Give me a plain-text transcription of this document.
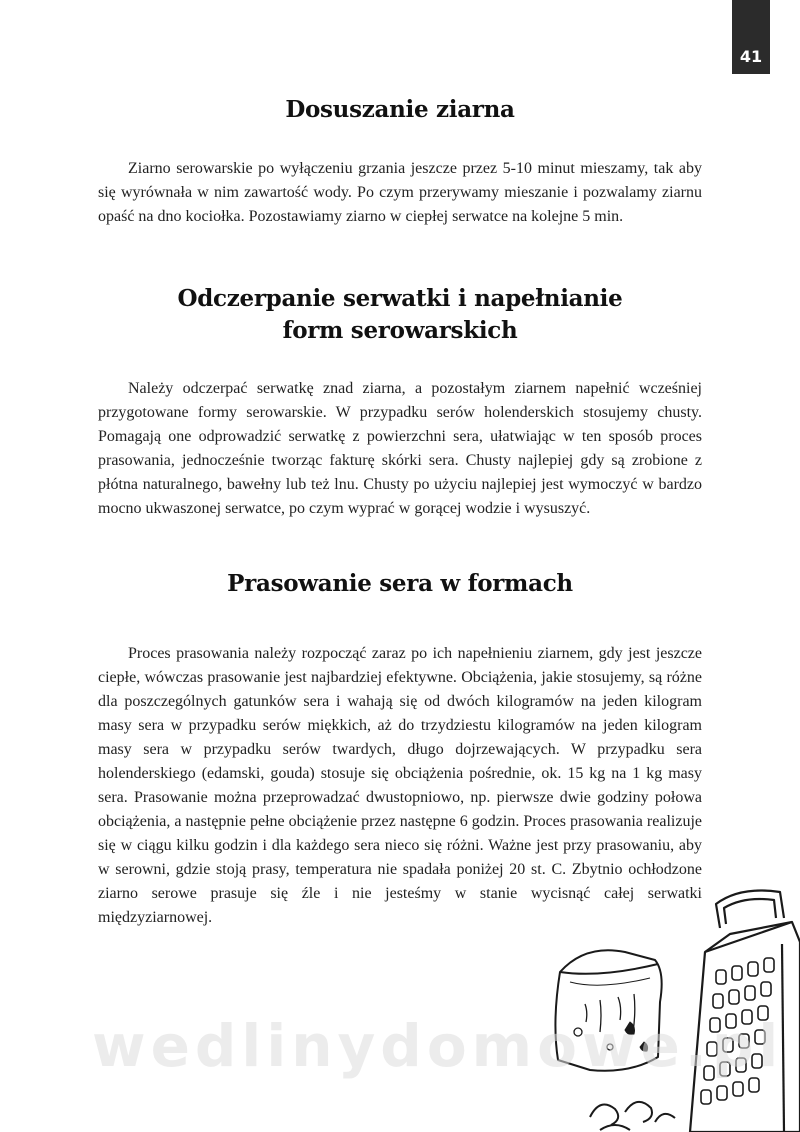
41
Dosuszanie ziarna

Ziarno serowarskie po wyłączeniu grzania jeszcze przez 5-10 minut mieszamy, tak aby się wyrównała w nim zawartość wody. Po czym przerywamy mieszanie i pozwalamy ziarnu opaść na dno kociołka. Pozostawiamy ziarno w ciepłej serwatce na kolejne 5 min.

Odczerpanie serwatki i napełnianie
form serowarskich

Należy odczerpać serwatkę znad ziarna, a pozostałym ziarnem napełnić wcześniej przygotowane formy serowarskie. W przypadku serów holenderskich stosujemy chusty. Pomagają one odprowadzić serwatkę z powierzchni sera, ułatwiając w ten sposób proces prasowania, jednocześnie tworząc fakturę skórki sera. Chusty najlepiej gdy są zrobione z płótna naturalnego, bawełny lub też lnu. Chusty po użyciu najlepiej jest wymoczyć w bardzo mocno ukwaszonej serwatce, po czym wyprać w gorącej wodzie i wysuszyć.

Prasowanie sera w formach

Proces prasowania należy rozpocząć zaraz po ich napełnieniu ziarnem, gdy jest jeszcze ciepłe, wówczas prasowanie jest najbardziej efektywne. Obciążenia, jakie stosujemy, są różne dla poszczególnych gatunków sera i wahają się od dwóch kilogramów na jeden kilogram masy sera w przypadku serów miękkich, aż do trzydziestu kilogramów na jeden kilogram masy sera w przypadku serów twardych, długo dojrzewających. W przypadku sera holenderskiego (edamski, gouda) stosuje się obciążenia pośrednie, ok. 15 kg na 1 kg masy sera. Prasowanie można przeprowadzać dwustopniowo, np. pierwsze dwie godziny połowa obciążenia, a następnie pełne obciążenie przez następne 6 godzin. Proces prasowania realizuje się w ciągu kilku godzin i dla każdego sera nieco się różni. Ważne jest przy prasowaniu, aby w serowni, gdzie stoją prasy, temperatura nie spadała poniżej 20 st. C. Zbytnio ochłodzone ziarno serowe prasuje się źle i nie jesteśmy w stanie wycisnąć całej serwatki międzyziarnowej.

wedlinydomowe.pl
